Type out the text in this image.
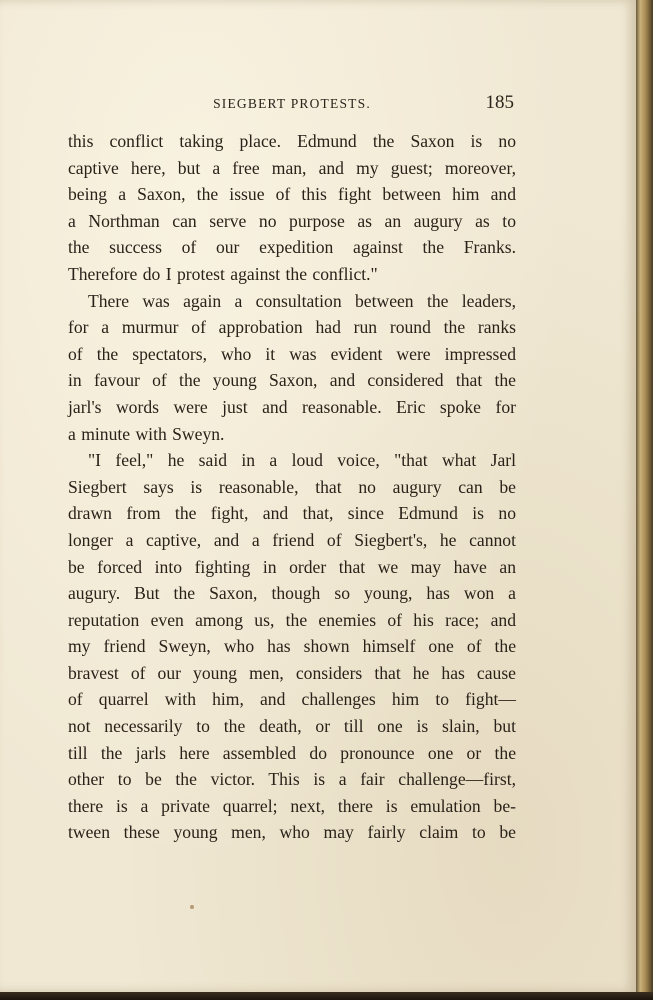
SIEGBERT PROTESTS.	185
this conflict taking place. Edmund the Saxon is no
captive here, but a free man, and my guest; moreover,
being a Saxon, the issue of this fight between him and
a Northman can serve no purpose as an augury as to
the success of our expedition against the Franks.
Therefore do I protest against the conflict."
There was again a consultation between the leaders,
for a murmur of approbation had run round the ranks
of the spectators, who it was evident were impressed
in favour of the young Saxon, and considered that the
jarl's words were just and reasonable. Eric spoke for
a minute with Sweyn.
"I feel," he said in a loud voice, "that what Jarl
Siegbert says is reasonable, that no augury can be
drawn from the fight, and that, since Edmund is no
longer a captive, and a friend of Siegbert's, he cannot
be forced into fighting in order that we may have an
augury. But the Saxon, though so young, has won a
reputation even among us, the enemies of his race; and
my friend Sweyn, who has shown himself one of the
bravest of our young men, considers that he has cause
of quarrel with him, and challenges him to fight—
not necessarily to the death, or till one is slain, but
till the jarls here assembled do pronounce one or the
other to be the victor. This is a fair challenge—first,
there is a private quarrel; next, there is emulation be-
tween these young men, who may fairly claim to be
